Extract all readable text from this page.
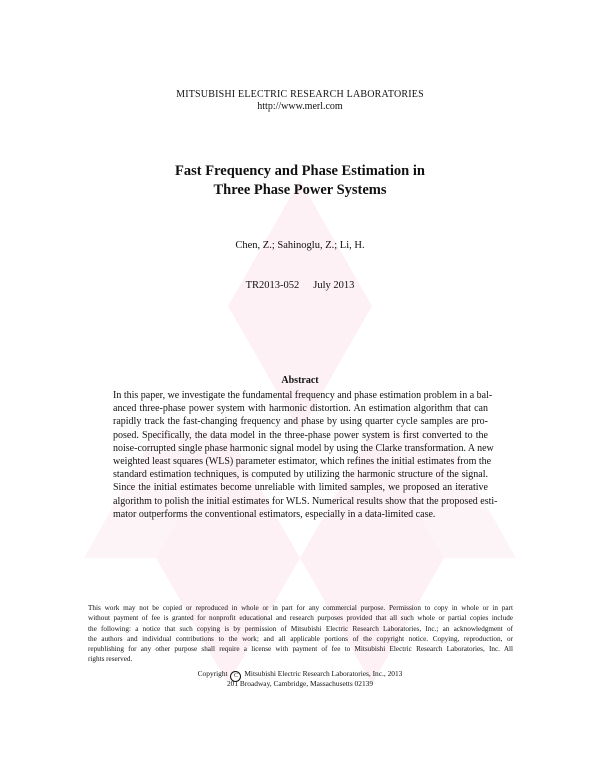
MITSUBISHI ELECTRIC RESEARCH LABORATORIES
http://www.merl.com
Fast Frequency and Phase Estimation in
Three Phase Power Systems
Chen, Z.; Sahinoglu, Z.; Li, H.
TR2013-052 July 2013
Abstract
In this paper, we investigate the fundamental frequency and phase estimation problem in a bal-
anced three-phase power system with harmonic distortion. An estimation algorithm that can
rapidly track the fast-changing frequency and phase by using quarter cycle samples are pro-
posed. Specifically, the data model in the three-phase power system is first converted to the
noise-corrupted single phase harmonic signal model by using the Clarke transformation. A new
weighted least squares (WLS) parameter estimator, which refines the initial estimates from the
standard estimation techniques, is computed by utilizing the harmonic structure of the signal.
Since the initial estimates become unreliable with limited samples, we proposed an iterative
algorithm to polish the initial estimates for WLS. Numerical results show that the proposed esti-
mator outperforms the conventional estimators, especially in a data-limited case.
This work may not be copied or reproduced in whole or in part for any commercial purpose. Permission to copy in whole or in part
without payment of fee is granted for nonprofit educational and research purposes provided that all such whole or partial copies include
the following: a notice that such copying is by permission of Mitsubishi Electric Research Laboratories, Inc.; an acknowledgment of
the authors and individual contributions to the work; and all applicable portions of the copyright notice. Copying, reproduction, or
republishing for any other purpose shall require a license with payment of fee to Mitsubishi Electric Research Laboratories, Inc. All
rights reserved.
Copyright C Mitsubishi Electric Research Laboratories, Inc., 2013
201 Broadway, Cambridge, Massachusetts 02139
